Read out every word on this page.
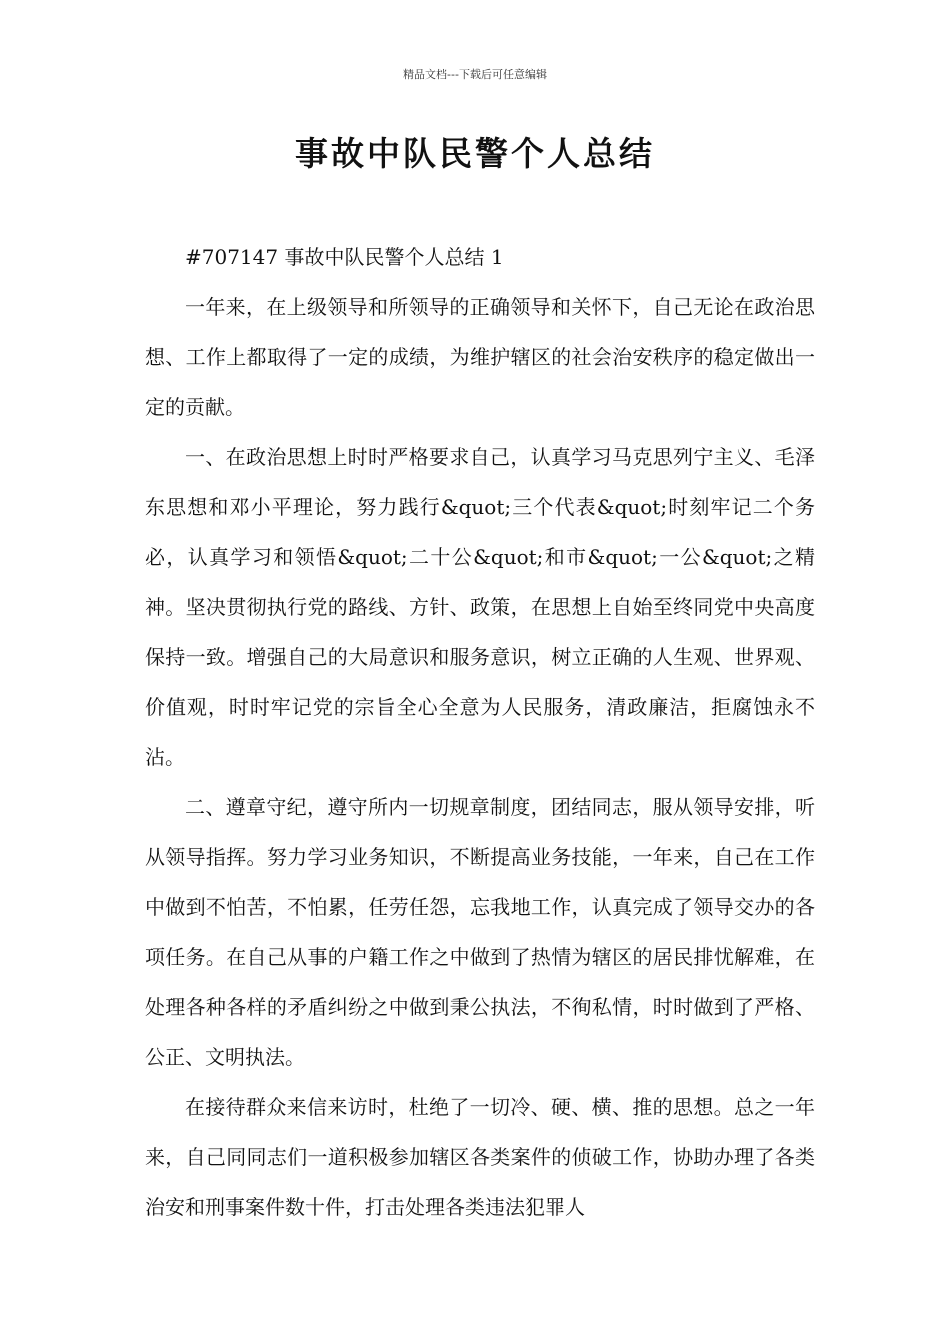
精品文档---下载后可任意编辑
事故中队民警个人总结

#707147 事故中队民警个人总结 1

一年来，在上级领导和所领导的正确领导和关怀下，自己无论在政治思想、工作上都取得了一定的成绩，为维护辖区的社会治安秩序的稳定做出一定的贡献。

一、在政治思想上时时严格要求自己，认真学习马克思列宁主义、毛泽东思想和邓小平理论，努力践行&quot;三个代表&quot;时刻牢记二个务必，认真学习和领悟&quot;二十公&quot;和市&quot;一公&quot;之精神。坚决贯彻执行党的路线、方针、政策，在思想上自始至终同党中央高度保持一致。增强自己的大局意识和服务意识，树立正确的人生观、世界观、价值观，时时牢记党的宗旨全心全意为人民服务，清政廉洁，拒腐蚀永不沾。

二、遵章守纪，遵守所内一切规章制度，团结同志，服从领导安排，听从领导指挥。努力学习业务知识，不断提高业务技能，一年来，自己在工作中做到不怕苦，不怕累，任劳任怨，忘我地工作，认真完成了领导交办的各项任务。在自己从事的户籍工作之中做到了热情为辖区的居民排忧解难，在处理各种各样的矛盾纠纷之中做到秉公执法，不徇私情，时时做到了严格、公正、文明执法。

在接待群众来信来访时，杜绝了一切冷、硬、横、推的思想。总之一年来，自己同同志们一道积极参加辖区各类案件的侦破工作，协助办理了各类治安和刑事案件数十件，打击处理各类违法犯罪人
